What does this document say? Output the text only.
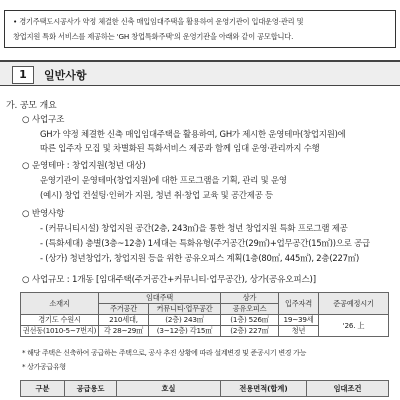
• 경기주택도시공사가 약정 체결한 신축 매입임대주택을 활용하여 운영기관이 입대운영·관리 및
창업지원 특화 서비스를 제공하는 'GH 창업특화주택'의 운영기관을 아래와 같이 공모합니다.
1	일반사항
가. 공모 개요
○ 사업구조
GH가 약정 체결한 신축 매입임대주택을 활용하여, GH가 제시한 운영테마(창업지원)에
따른 입주자 모집 및 차별화된 특화서비스 제공과 함께 임대 운영·관리까지 수행
○ 운영테마 : 창업지원(청년 대상)
운영기관이 운영테마(창업지원)에 대한 프로그램을 기획, 관리 및 운영
(예시) 창업 컨설팅·인허가 지원, 청년 취·창업 교육 및 공간제공 등
○ 반영사항
- (커뮤니티시설) 창업지원 공간(2층, 243㎡)을 통한 청년 창업지원 특화 프로그램 제공
- (특화세대) 층별(3층~12층) 1세대는 특화유형(주거공간(29㎡)+업무공간(15㎡))으로 공급
- (상가) 청년창업가, 창업지원 등을 위한 공유오피스 계획(1층(80㎡, 445㎡), 2층(227㎡)
○ 사업규모 : 1개동 [임대주택(주거공간+커뮤니티·업무공간), 상가(공유오피스)]
소재지	임대주택		상가	입주자격	준공예정시기
	주거공간	커뮤니티·업무공간	공유오피스		
경기도 수원시	210세대,	(2층) 243㎡	(1층) 526㎡	19~39세	'26. 上
권선동(1010-5~7번지)	각 28~29㎡	(3~12층) 각15㎡	(2층) 227㎡	청년	
* 해당 주택은 신축하여 공급하는 주택으로, 공사 추진 상황에 따라 설계변경 및 준공시기 변경 가능
* 상가공급유형
구분	공급용도	호실	전용면적(합계)	임대조건
